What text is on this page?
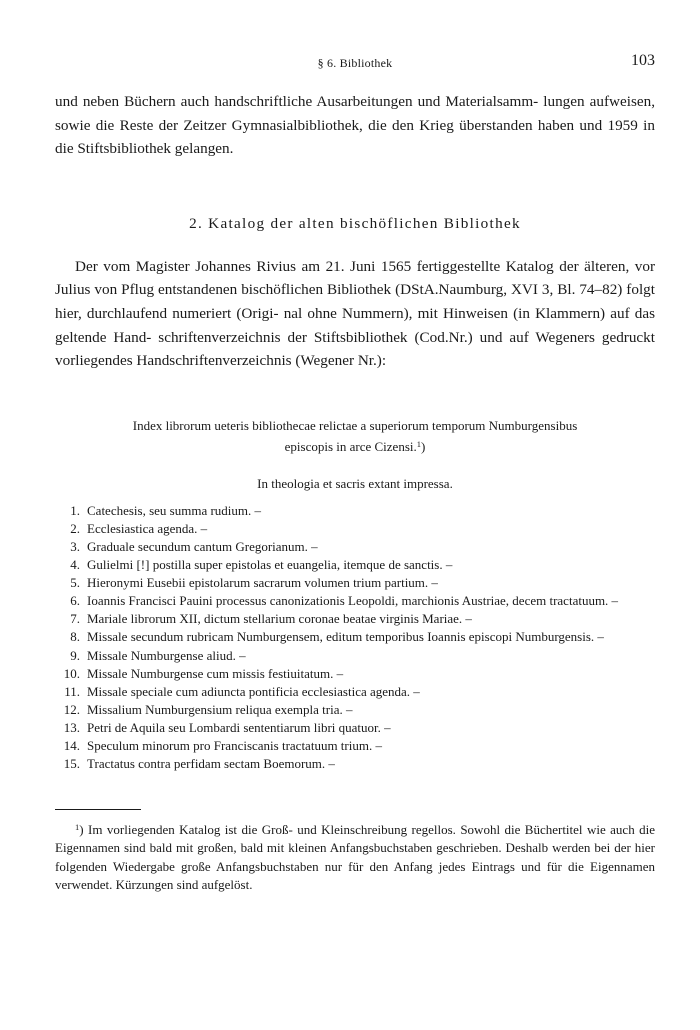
§ 6. Bibliothek	103
und neben Büchern auch handschriftliche Ausarbeitungen und Materialsamm- lungen aufweisen, sowie die Reste der Zeitzer Gymnasialbibliothek, die den Krieg überstanden haben und 1959 in die Stiftsbibliothek gelangen.
2. Katalog der alten bischöflichen Bibliothek
Der vom Magister Johannes Rivius am 21. Juni 1565 fertiggestellte Katalog der älteren, vor Julius von Pflug entstandenen bischöflichen Bibliothek (DStA.Naumburg, XVI 3, Bl. 74–82) folgt hier, durchlaufend numeriert (Origi- nal ohne Nummern), mit Hinweisen (in Klammern) auf das geltende Hand- schriftenverzeichnis der Stiftsbibliothek (Cod.Nr.) und auf Wegeners gedruckt vorliegendes Handschriftenverzeichnis (Wegener Nr.):
Index librorum ueteris bibliothecae relictae a superiorum temporum Numburgensibus
episcopis in arce Cizensi.$^1$)
In theologia et sacris extant impressa.
1. Catechesis, seu summa rudium. –
2. Ecclesiastica agenda. –
3. Graduale secundum cantum Gregorianum. –
4. Gulielmi [!] postilla super epistolas et euangelia, itemque de sanctis. –
5. Hieronymi Eusebii epistolarum sacrarum volumen trium partium. –
6. Ioannis Francisci Pauini processus canonizationis Leopoldi, marchionis Austriae, decem tractatuum. –
7. Mariale librorum XII, dictum stellarium coronae beatae virginis Mariae. –
8. Missale secundum rubricam Numburgensem, editum temporibus Ioannis episcopi Numburgensis. –
9. Missale Numburgense aliud. –
10. Missale Numburgense cum missis festiuitatum. –
11. Missale speciale cum adiuncta pontificia ecclesiastica agenda. –
12. Missalium Numburgensium reliqua exempla tria. –
13. Petri de Aquila seu Lombardi sententiarum libri quatuor. –
14. Speculum minorum pro Franciscanis tractatuum trium. –
15. Tractatus contra perfidam sectam Boemorum. –
$^1$) Im vorliegenden Katalog ist die Groß- und Kleinschreibung regellos. Sowohl die Büchertitel wie auch die Eigennamen sind bald mit großen, bald mit kleinen Anfangsbuchstaben geschrieben. Deshalb werden bei der hier folgenden Wiedergabe große Anfangsbuchstaben nur für den Anfang jedes Eintrags und für die Eigennamen verwendet. Kürzungen sind aufgelöst.
